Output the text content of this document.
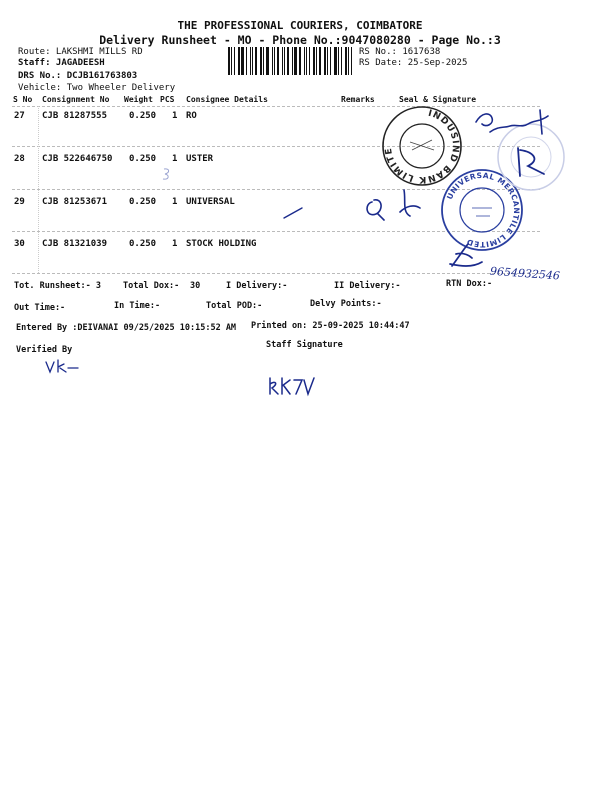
THE PROFESSIONAL COURIERS, COIMBATORE
Delivery Runsheet - MO - Phone No.:9047080280 - Page No.:3
Route: LAKSHMI MILLS RD
Staff: JAGADEESH
DRS No.: DCJB161763803
Vehicle: Two Wheeler Delivery
RS No.: 1617638
RS Date: 25-Sep-2025
S No Consignment No Weight PCS Consignee Details	Remarks	Seal & Signature
27 CJB 81287555 0.250 1 RO
28 CJB 522646750 0.250 1 USTER
29 CJB 81253671 0.250 1 UNIVERSAL
30 CJB 81321039 0.250 1 STOCK HOLDING
Tot. Runsheet:- 3	Total Dox:- 30	I Delivery:-	II Delivery:-	RTN Dox:-
Out Time:-	In Time:-	Total POD:-	Delvy Points:-
Entered By :DEIVANAI 09/25/2025 10:15:52 AM Printed on: 25-09-2025 10:44:47
Verified By	Staff Signature
INDUSIND BANK LIMITED COIMBATORE BRANCH
UNIVERSAL MERCANTILE LIMITED
9654932546
